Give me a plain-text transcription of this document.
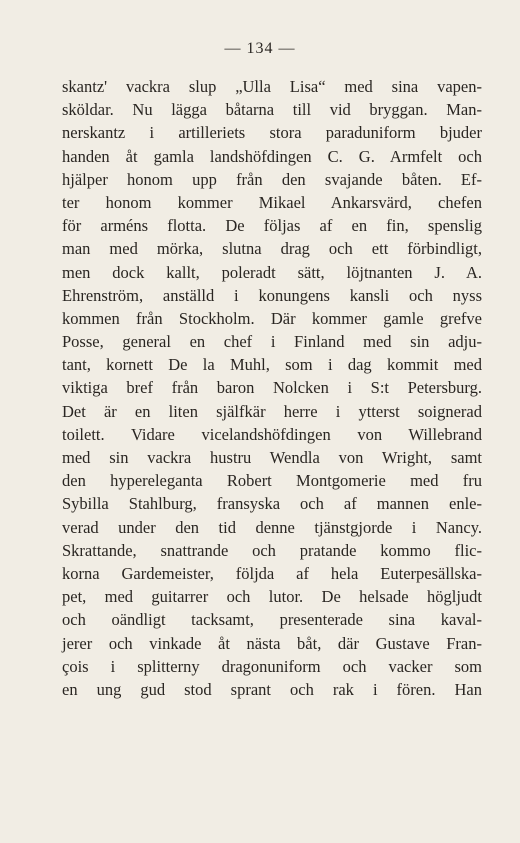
— 134 —
skantz' vackra slup „Ulla Lisa“ med sina vapen-
sköldar. Nu lägga båtarna till vid bryggan. Man-
nerskantz i artilleriets stora paraduniform bjuder
handen åt gamla landshöfdingen C. G. Armfelt och
hjälper honom upp från den svajande båten. Ef-
ter honom kommer Mikael Ankarsvärd, chefen
för arméns flotta. De följas af en fin, spenslig
man med mörka, slutna drag och ett förbindligt,
men dock kallt, poleradt sätt, löjtnanten J. A.
Ehrenström, anställd i konungens kansli och nyss
kommen från Stockholm. Där kommer gamle grefve
Posse, general en chef i Finland med sin adju-
tant, kornett De la Muhl, som i dag kommit med
viktiga bref från baron Nolcken i S:t Petersburg.
Det är en liten själfkär herre i ytterst soignerad
toilett. Vidare vicelandshöfdingen von Willebrand
med sin vackra hustru Wendla von Wright, samt
den hypereleganta Robert Montgomerie med fru
Sybilla Stahlburg, fransyska och af mannen enle-
verad under den tid denne tjänstgjorde i Nancy.
Skrattande, snattrande och pratande kommo flic-
korna Gardemeister, följda af hela Euterpesällska-
pet, med guitarrer och lutor. De helsade högljudt
och oändligt tacksamt, presenterade sina kaval-
jerer och vinkade åt nästa båt, där Gustave Fran-
çois i splitterny dragonuniform och vacker som
en ung gud stod sprant och rak i fören. Han
